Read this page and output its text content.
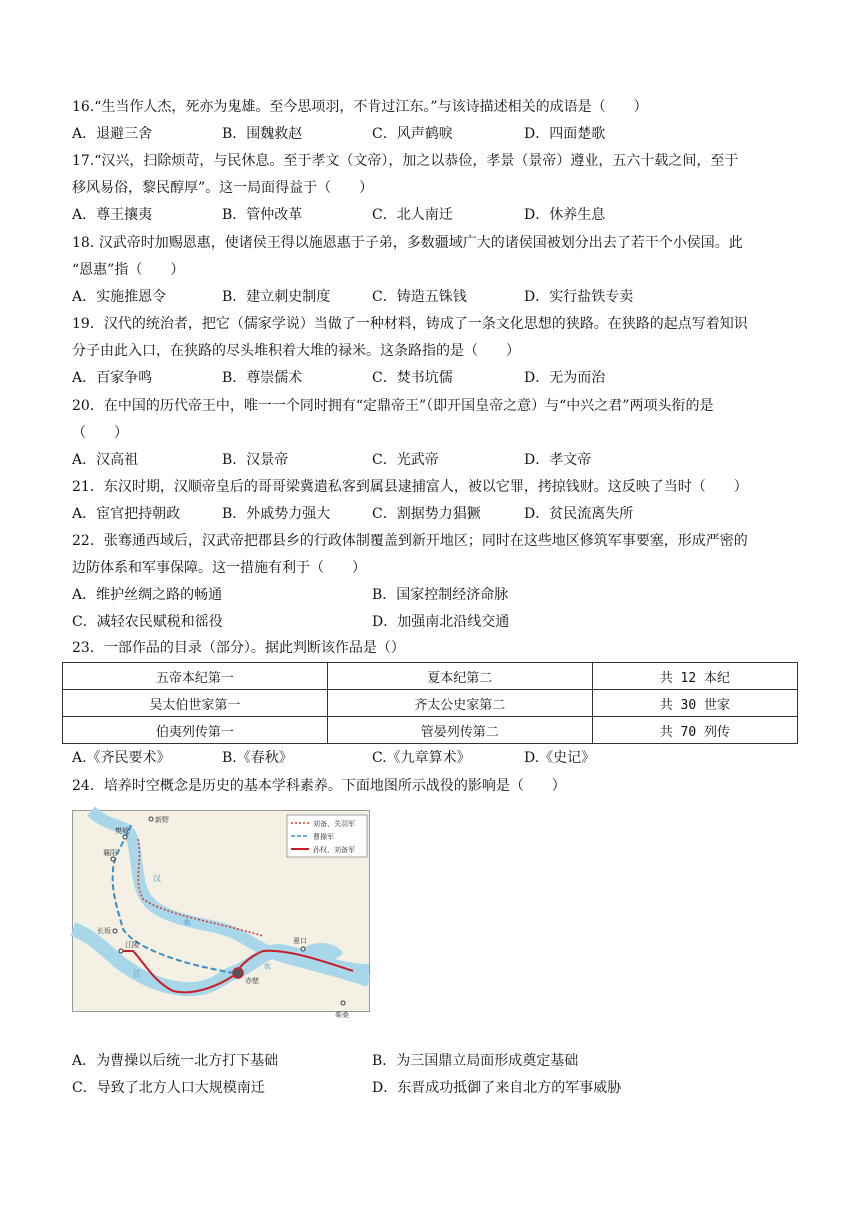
16.“生当作人杰，死亦为鬼雄。至今思项羽，不肯过江东。”与该诗描述相关的成语是（　　）
A．退避三舍	B．围魏救赵	C．风声鹤唳	D．四面楚歌
17.“汉兴，扫除烦苛，与民休息。至于孝文（文帝），加之以恭俭，孝景（景帝）遵业，五六十载之间，至于
移风易俗，黎民醇厚”。这一局面得益于（　　）
A．尊王攘夷	B．管仲改革	C．北人南迁	D．休养生息
18. 汉武帝时加赐恩惠，使诸侯王得以施恩惠于子弟，多数疆域广大的诸侯国被划分出去了若干个小侯国。此
“恩惠”指（　　）
A．实施推恩令	B．建立刺史制度	C．铸造五铢钱	D．实行盐铁专卖
19．汉代的统治者，把它（儒家学说）当做了一种材料，铸成了一条文化思想的狭路。在狭路的起点写着知识
分子由此入口，在狭路的尽头堆积着大堆的禄米。这条路指的是（　　）
A．百家争鸣	B．尊崇儒术	C．焚书坑儒	D．无为而治
20．在中国的历代帝王中，唯一一个同时拥有“定鼎帝王”（即开国皇帝之意）与“中兴之君”两项头衔的是
（　　）
A．汉高祖	B．汉景帝	C．光武帝	D．孝文帝
21．东汉时期，汉顺帝皇后的哥哥梁冀遣私客到属县逮捕富人，被以它罪，拷掠钱财。这反映了当时（　　）
A．宦官把持朝政	B．外戚势力强大	C．割据势力猖獗	D．贫民流离失所
22．张骞通西域后，汉武帝把郡县乡的行政体制覆盖到新开地区；同时在这些地区修筑军事要塞，形成严密的
边防体系和军事保障。这一措施有利于（　　）
A．维护丝绸之路的畅通	B．国家控制经济命脉
C．减轻农民赋税和徭役	D．加强南北沿线交通
23．一部作品的目录（部分）。据此判断该作品是（）
五帝本纪第一	夏本纪第二	共 12 本纪
吴太伯世家第一	齐太公史家第二	共 30 世家
伯夷列传第一	管晏列传第二	共 70 列传
A.《齐民要术》	B.《春秋》	C.《九章算术》	D.《史记》
24．培养时空概念是历史的基本学科素养。下面地图所示战役的影响是（　　）
刘备、关羽军
曹操军
孙权、刘备军
新野
樊城
襄阳
长坂
江陵
赤壁
柴桑
夏口
汉
水
江
水
A．为曹操以后统一北方打下基础	B．为三国鼎立局面形成奠定基础
C．导致了北方人口大规模南迁	D．东晋成功抵御了来自北方的军事威胁
